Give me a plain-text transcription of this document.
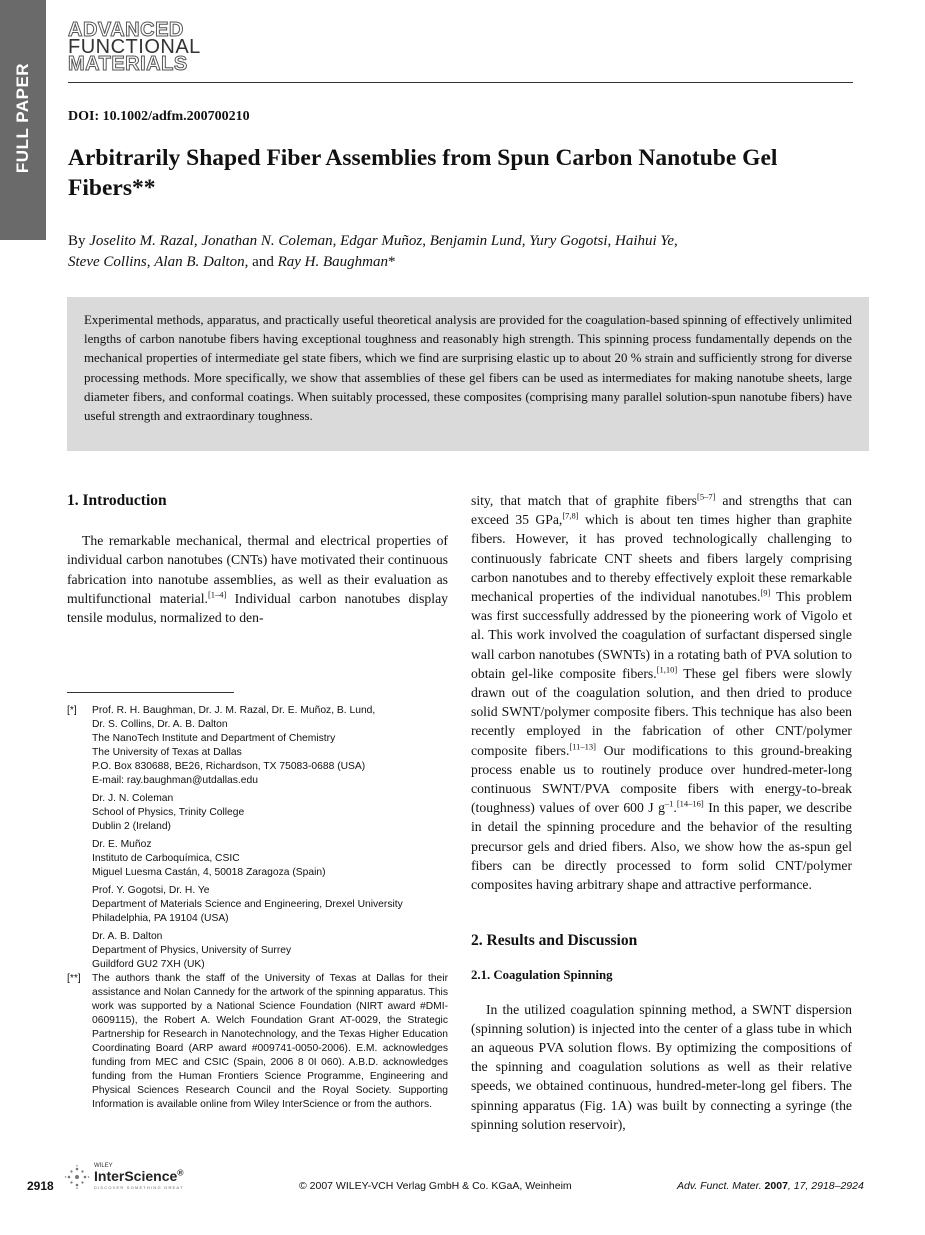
FULL PAPER
ADVANCED
FUNCTIONAL
MATERIALS
DOI: 10.1002/adfm.200700210
Arbitrarily Shaped Fiber Assemblies from Spun Carbon Nanotube Gel Fibers**
By Joselito M. Razal, Jonathan N. Coleman, Edgar Muñoz, Benjamin Lund, Yury Gogotsi, Haihui Ye,
Steve Collins, Alan B. Dalton, and Ray H. Baughman*

Experimental methods, apparatus, and practically useful theoretical analysis are provided for the coagulation-based spinning of effectively unlimited lengths of carbon nanotube fibers having exceptional toughness and reasonably high strength. This spinning process fundamentally depends on the mechanical properties of intermediate gel state fibers, which we find are surprising elastic up to about 20 % strain and sufficiently strong for diverse processing methods. More specifically, we show that assemblies of these gel fibers can be used as intermediates for making nanotube sheets, large diameter fibers, and conformal coatings. When suitably processed, these composites (comprising many parallel solution-spun nanotube fibers) have useful strength and extraordinary toughness.

1. Introduction

The remarkable mechanical, thermal and electrical properties of individual carbon nanotubes (CNTs) have motivated their continuous fabrication into nanotube assemblies, as well as their evaluation as multifunctional material.[1–4] Individual carbon nanotubes display tensile modulus, normalized to den-

[*]	Prof. R. H. Baughman, Dr. J. M. Razal, Dr. E. Muñoz, B. Lund,
Dr. S. Collins, Dr. A. B. Dalton
The NanoTech Institute and Department of Chemistry
The University of Texas at Dallas
P.O. Box 830688, BE26, Richardson, TX 75083-0688 (USA)
E-mail: ray.baughman@utdallas.edu
Dr. J. N. Coleman
School of Physics, Trinity College
Dublin 2 (Ireland)
Dr. E. Muñoz
Instituto de Carboquímica, CSIC
Miguel Luesma Castán, 4, 50018 Zaragoza (Spain)
Prof. Y. Gogotsi, Dr. H. Ye
Department of Materials Science and Engineering, Drexel University
Philadelphia, PA 19104 (USA)
Dr. A. B. Dalton
Department of Physics, University of Surrey
Guildford GU2 7XH (UK)
[**]	The authors thank the staff of the University of Texas at Dallas for their assistance and Nolan Cannedy for the artwork of the spinning apparatus. This work was supported by a National Science Foundation (NIRT award #DMI-0609115), the Robert A. Welch Foundation Grant AT-0029, the Strategic Partnership for Research in Nanotechnology, and the Texas Higher Education Coordinating Board (ARP award #009741-0050-2006). E.M. acknowledges funding from MEC and CSIC (Spain, 2006 8 0I 060). A.B.D. acknowledges funding from the Human Frontiers Science Programme, Engineering and Physical Sciences Research Council and the Royal Society. Supporting Information is available online from Wiley InterScience or from the authors.

sity, that match that of graphite fibers[5–7] and strengths that can exceed 35 GPa,[7,8] which is about ten times higher than graphite fibers. However, it has proved technologically challenging to continuously fabricate CNT sheets and fibers largely comprising carbon nanotubes and to thereby effectively exploit these remarkable mechanical properties of the individual nanotubes.[9] This problem was first successfully addressed by the pioneering work of Vigolo et al. This work involved the coagulation of surfactant dispersed single wall carbon nanotubes (SWNTs) in a rotating bath of PVA solution to obtain gel-like composite fibers.[1,10] These gel fibers were slowly drawn out of the coagulation solution, and then dried to produce solid SWNT/polymer composite fibers. This technique has also been recently employed in the fabrication of other CNT/polymer composite fibers.[11–13] Our modifications to this ground-breaking process enable us to routinely produce over hundred-meter-long continuous SWNT/PVA composite fibers with energy-to-break (toughness) values of over 600 J $g^{-1}.[14-16]$ In this paper, we describe in detail the spinning procedure and the behavior of the resulting precursor gels and dried fibers. Also, we show how the as-spun gel fibers can be directly processed to form solid CNT/polymer composites having arbitrary shape and attractive performance.

2. Results and Discussion
2.1. Coagulation Spinning

In the utilized coagulation spinning method, a SWNT dispersion (spinning solution) is injected into the center of a glass tube in which an aqueous PVA solution flows. By optimizing the compositions of the spinning and coagulation solutions as well as their relative speeds, we obtained continuous, hundred-meter-long gel fibers. The spinning apparatus (Fig. 1A) was built by connecting a syringe (the spinning solution reservoir),

2918
WILEY
InterScience®
DISCOVER SOMETHING GREAT	© 2007 WILEY-VCH Verlag GmbH & Co. KGaA, Weinheim	Adv. Funct. Mater. 2007, 17, 2918–2924
